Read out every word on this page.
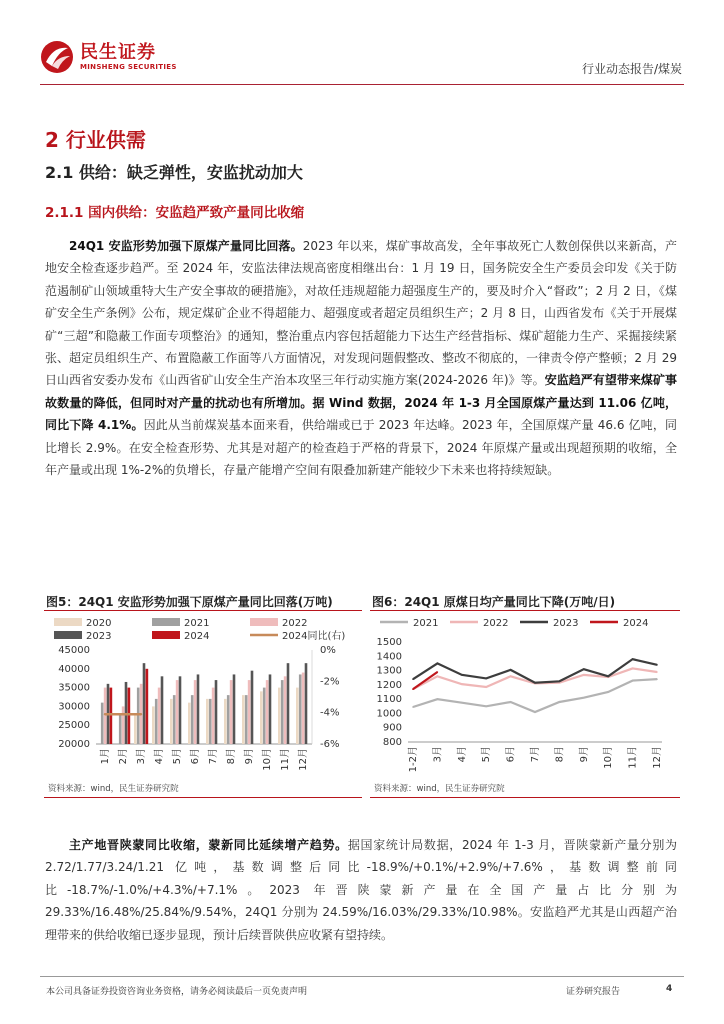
民生证券
MINSHENG SECURITIES	行业动态报告/煤炭
2 行业供需
2.1 供给：缺乏弹性，安监扰动加大
2.1.1 国内供给：安监趋严致产量同比收缩

24Q1 安监形势加强下原煤产量同比回落。2023 年以来，煤矿事故高发，全年事故死亡人数创保供以来新高，产地安全检查逐步趋严。至 2024 年，安监法律法规高密度相继出台：1 月 19 日，国务院安全生产委员会印发《关于防范遏制矿山领域重特大生产安全事故的硬措施》，对故任违规超能力超强度生产的，要及时介入“督政”；2 月 2 日，《煤矿安全生产条例》公布，规定煤矿企业不得超能力、超强度或者超定员组织生产；2 月 8 日，山西省发布《关于开展煤矿“三超”和隐蔽工作面专项整治》的通知，整治重点内容包括超能力下达生产经营指标、煤矿超能力生产、采掘接续紧张、超定员组织生产、布置隐蔽工作面等八方面情况，对发现问题假整改、整改不彻底的，一律责令停产整顿；2 月 29 日山西省安委办发布《山西省矿山安全生产治本攻坚三年行动实施方案(2024-2026 年)》等。安监趋严有望带来煤矿事故数量的降低，但同时对产量的扰动也有所增加。据 Wind 数据，2024 年 1-3 月全国原煤产量达到 11.06 亿吨，同比下降 4.1%。因此从当前煤炭基本面来看，供给端或已于 2023 年达峰。2023 年，全国原煤产量 46.6 亿吨，同比增长 2.9%。在安全检查形势、尤其是对超产的检查趋于严格的背景下，2024 年原煤产量或出现超预期的收缩，全年产量或出现 1%-2%的负增长，存量产能增产空间有限叠加新建产能较少下未来也将持续短缺。

图5：24Q1 安监形势加强下原煤产量同比回落(万吨)	图6：24Q1 原煤日均产量同比下降(万吨/日)
2020	2021	2022
2023	2024	2024同比(右)
20000
25000
30000
35000
40000
45000	0%
-2%
-4%
-6%
1月 2月 3月 4月 5月 6月 7月 8月 9月 10月 11月 12月
2021	2022	2023	2024
800
900
1000
1100
1200
1300
1400
1500
1-2月 3月 4月 5月 6月 7月 8月 9月 10月 11月 12月
资料来源：wind，民生证券研究院	资料来源：wind，民生证券研究院

主产地晋陕蒙同比收缩，蒙新同比延续增产趋势。据国家统计局数据，2024 年 1-3 月，晋陕蒙新产量分别为 2.72/1.77/3.24/1.21 亿吨，基数调整后同比-18.9%/+0.1%/+2.9%/+7.6%，基数调整前同比-18.7%/-1.0%/+4.3%/+7.1%。2023 年晋陕蒙新产量在全国产量占比分别为 29.33%/16.48%/25.84%/9.54%，24Q1 分别为 24.59%/16.03%/29.33%/10.98%。安监趋严尤其是山西超产治理带来的供给收缩已逐步显现，预计后续晋陕供应收紧有望持续。

本公司具备证券投资咨询业务资格，请务必阅读最后一页免责声明	证券研究报告	4
